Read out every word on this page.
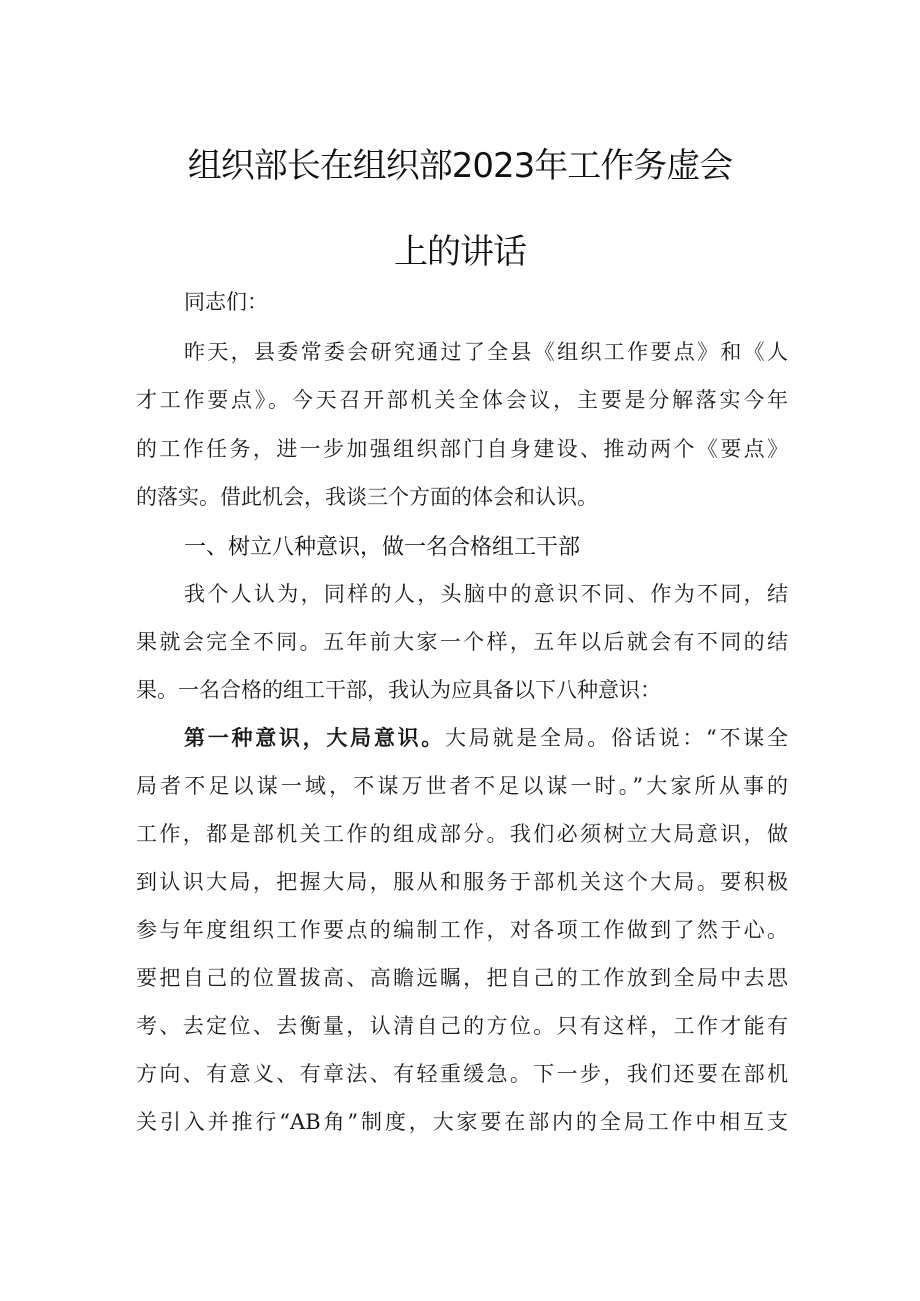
组织部长在组织部2023年工作务虚会
上的讲话
同志们：
昨天，县委常委会研究通过了全县《组织工作要点》和《人
才工作要点》。今天召开部机关全体会议，主要是分解落实今年
的工作任务，进一步加强组织部门自身建设、推动两个《要点》
的落实。借此机会，我谈三个方面的体会和认识。
一、树立八种意识，做一名合格组工干部
我个人认为，同样的人，头脑中的意识不同、作为不同，结
果就会完全不同。五年前大家一个样，五年以后就会有不同的结
果。一名合格的组工干部，我认为应具备以下八种意识：
第一种意识，大局意识。大局就是全局。俗话说：“不谋全
局者不足以谋一域，不谋万世者不足以谋一时。”大家所从事的
工作，都是部机关工作的组成部分。我们必须树立大局意识，做
到认识大局，把握大局，服从和服务于部机关这个大局。要积极
参与年度组织工作要点的编制工作，对各项工作做到了然于心。
要把自己的位置拔高、高瞻远瞩，把自己的工作放到全局中去思
考、去定位、去衡量，认清自己的方位。只有这样，工作才能有
方向、有意义、有章法、有轻重缓急。下一步，我们还要在部机
关引入并推行“AB角”制度，大家要在部内的全局工作中相互支
